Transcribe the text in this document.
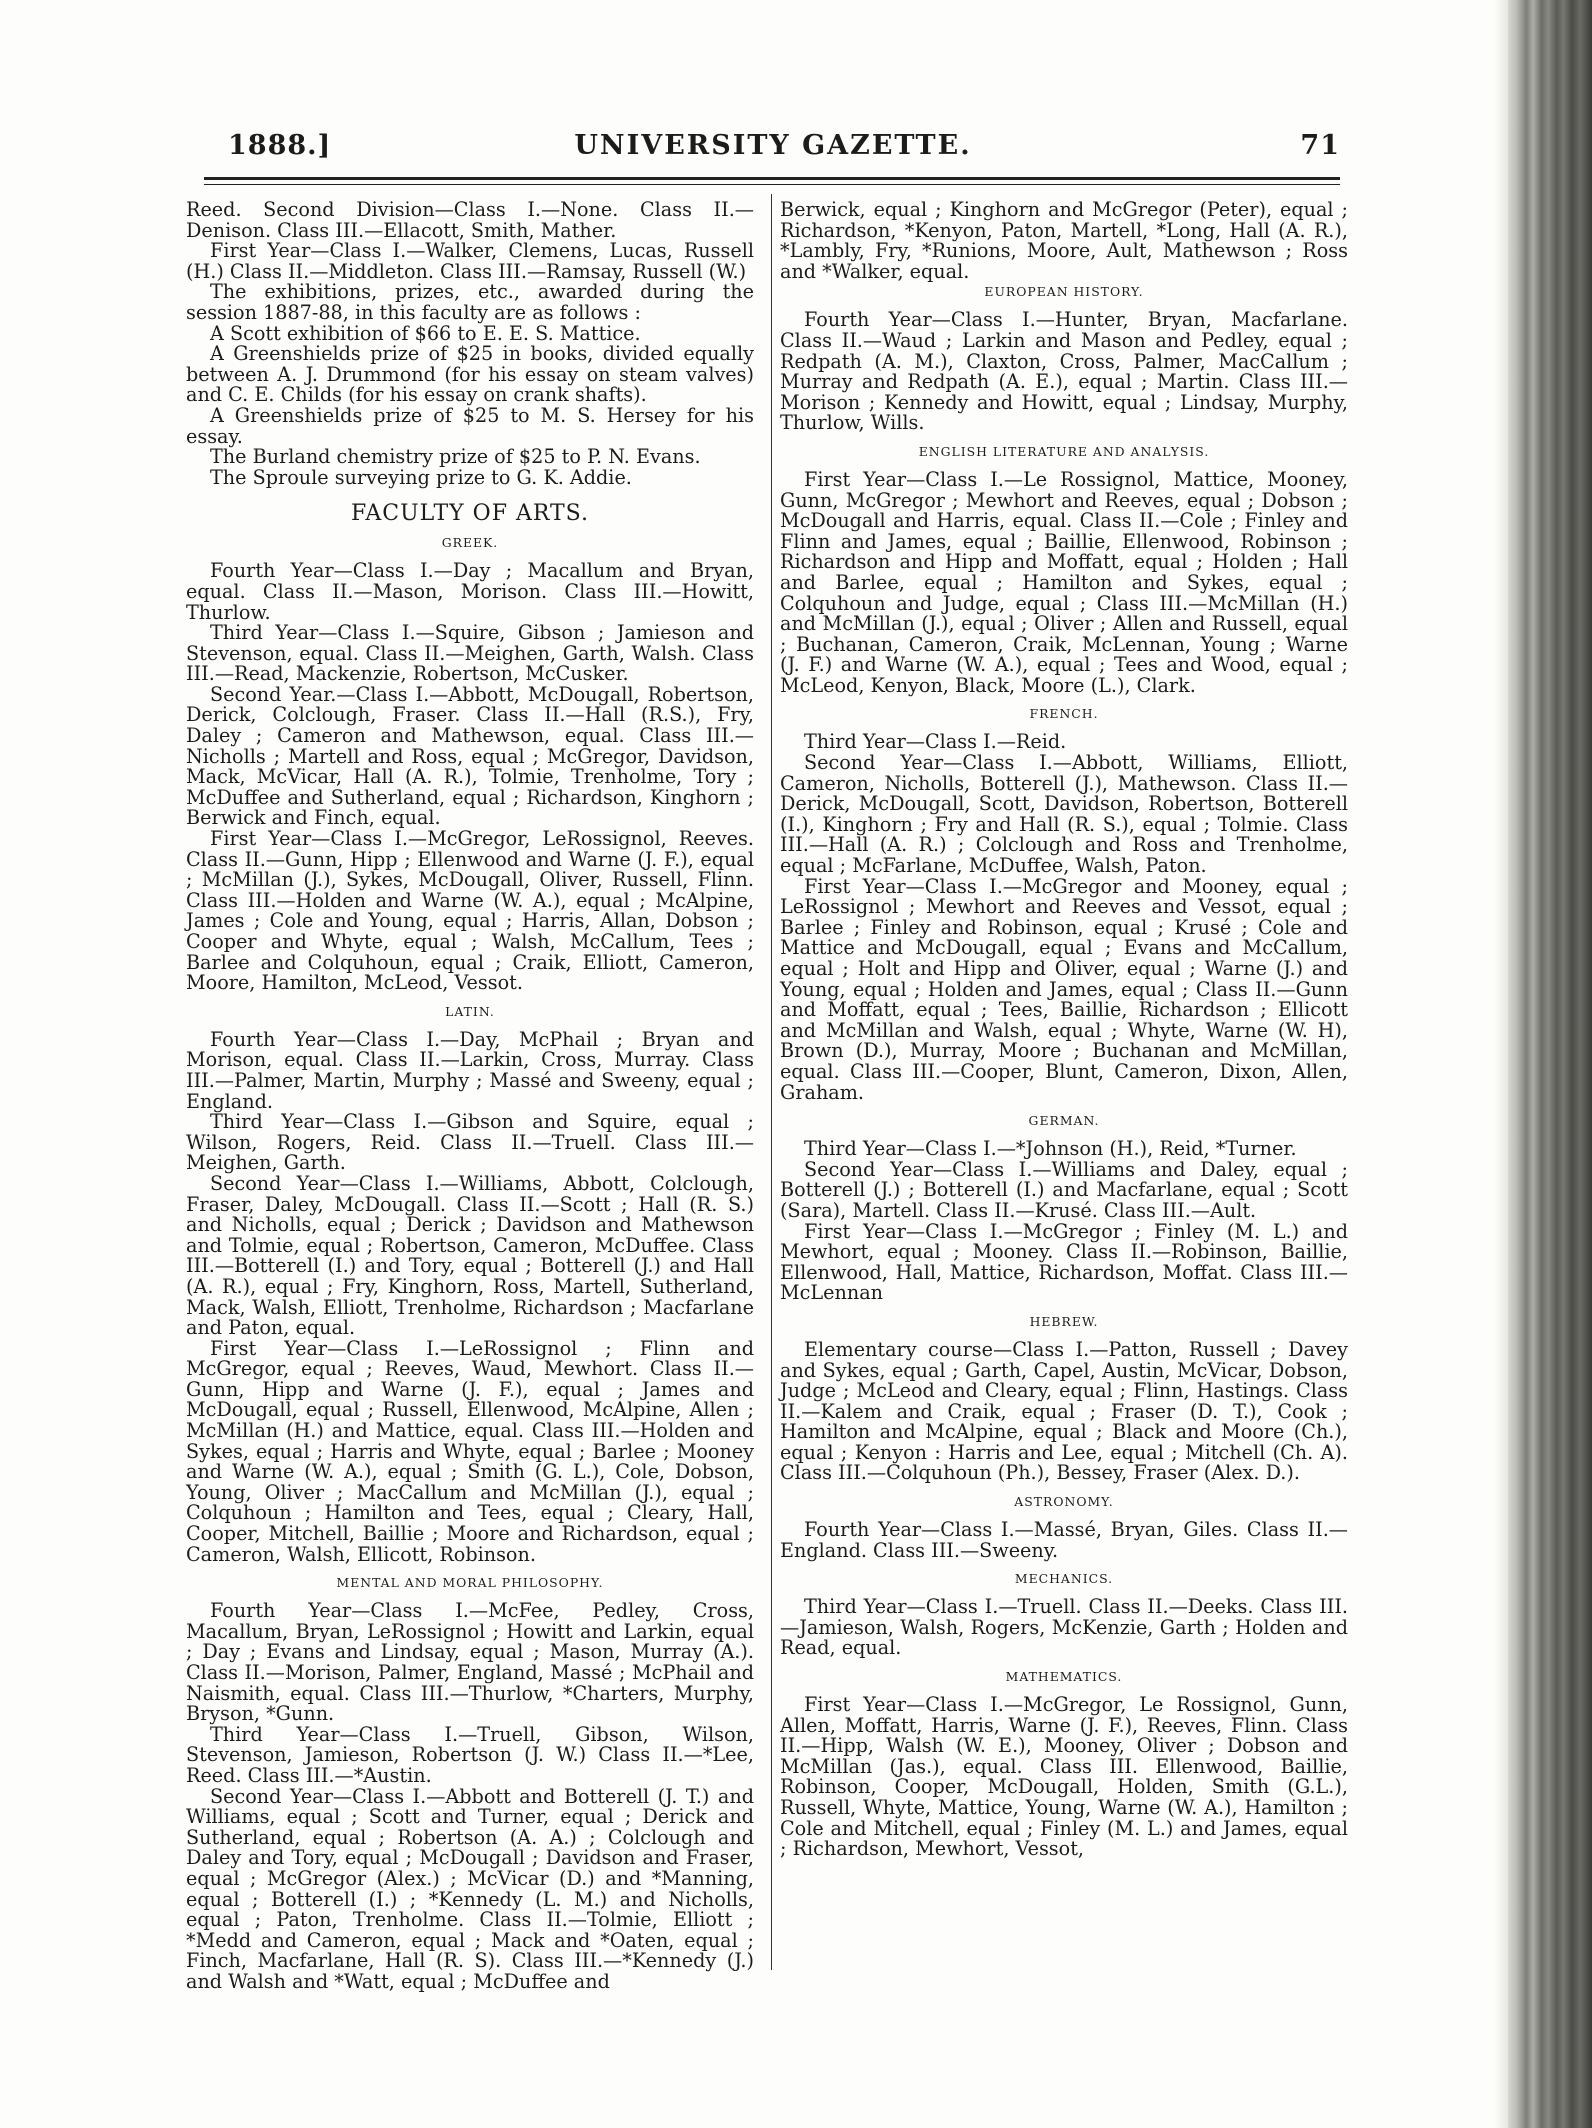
1888.]	UNIVERSITY GAZETTE.	71

Reed. Second Division—Class I.—None. Class II.—Denison. Class III.—Ellacott, Smith, Mather.

First Year—Class I.—Walker, Clemens, Lucas, Russell (H.) Class II.—Middleton. Class III.—Ramsay, Russell (W.)

The exhibitions, prizes, etc., awarded during the session 1887-88, in this faculty are as follows :

A Scott exhibition of $66 to E. E. S. Mattice.

A Greenshields prize of $25 in books, divided equally between A. J. Drummond (for his essay on steam valves) and C. E. Childs (for his essay on crank shafts).

A Greenshields prize of $25 to M. S. Hersey for his essay.

The Burland chemistry prize of $25 to P. N. Evans.

The Sproule surveying prize to G. K. Addie.

FACULTY OF ARTS.
GREEK.

Fourth Year—Class I.—Day ; Macallum and Bryan, equal. Class II.—Mason, Morison. Class III.—Howitt, Thurlow.

Third Year—Class I.—Squire, Gibson ; Jamieson and Stevenson, equal. Class II.—Meighen, Garth, Walsh. Class III.—Read, Mackenzie, Robertson, McCusker.

Second Year.—Class I.—Abbott, McDougall, Robertson, Derick, Colclough, Fraser. Class II.—Hall (R.S.), Fry, Daley ; Cameron and Mathewson, equal. Class III.—Nicholls ; Martell and Ross, equal ; McGregor, Davidson, Mack, McVicar, Hall (A. R.), Tolmie, Trenholme, Tory ; McDuffee and Sutherland, equal ; Richardson, Kinghorn ; Berwick and Finch, equal.

First Year—Class I.—McGregor, LeRossignol, Reeves. Class II.—Gunn, Hipp ; Ellenwood and Warne (J. F.), equal ; McMillan (J.), Sykes, McDougall, Oliver, Russell, Flinn. Class III.—Holden and Warne (W. A.), equal ; McAlpine, James ; Cole and Young, equal ; Harris, Allan, Dobson ; Cooper and Whyte, equal ; Walsh, McCallum, Tees ; Barlee and Colquhoun, equal ; Craik, Elliott, Cameron, Moore, Hamilton, McLeod, Vessot.

LATIN.

Fourth Year—Class I.—Day, McPhail ; Bryan and Morison, equal. Class II.—Larkin, Cross, Murray. Class III.—Palmer, Martin, Murphy ; Massé and Sweeny, equal ; England.

Third Year—Class I.—Gibson and Squire, equal ; Wilson, Rogers, Reid. Class II.—Truell. Class III.—Meighen, Garth.

Second Year—Class I.—Williams, Abbott, Colclough, Fraser, Daley, McDougall. Class II.—Scott ; Hall (R. S.) and Nicholls, equal ; Derick ; Davidson and Mathewson and Tolmie, equal ; Robertson, Cameron, McDuffee. Class III.—Botterell (I.) and Tory, equal ; Botterell (J.) and Hall (A. R.), equal ; Fry, Kinghorn, Ross, Martell, Sutherland, Mack, Walsh, Elliott, Trenholme, Richardson ; Macfarlane and Paton, equal.

First Year—Class I.—LeRossignol ; Flinn and McGregor, equal ; Reeves, Waud, Mewhort. Class II.—Gunn, Hipp and Warne (J. F.), equal ; James and McDougall, equal ; Russell, Ellenwood, McAlpine, Allen ; McMillan (H.) and Mattice, equal. Class III.—Holden and Sykes, equal ; Harris and Whyte, equal ; Barlee ; Mooney and Warne (W. A.), equal ; Smith (G. L.), Cole, Dobson, Young, Oliver ; MacCallum and McMillan (J.), equal ; Colquhoun ; Hamilton and Tees, equal ; Cleary, Hall, Cooper, Mitchell, Baillie ; Moore and Richardson, equal ; Cameron, Walsh, Ellicott, Robinson.

MENTAL AND MORAL PHILOSOPHY.

Fourth Year—Class I.—McFee, Pedley, Cross, Macallum, Bryan, LeRossignol ; Howitt and Larkin, equal ; Day ; Evans and Lindsay, equal ; Mason, Murray (A.). Class II.—Morison, Palmer, England, Massé ; McPhail and Naismith, equal. Class III.—Thurlow, *Charters, Murphy, Bryson, *Gunn.

Third Year—Class I.—Truell, Gibson, Wilson, Stevenson, Jamieson, Robertson (J. W.) Class II.—*Lee, Reed. Class III.—*Austin.

Second Year—Class I.—Abbott and Botterell (J. T.) and Williams, equal ; Scott and Turner, equal ; Derick and Sutherland, equal ; Robertson (A. A.) ; Colclough and Daley and Tory, equal ; McDougall ; Davidson and Fraser, equal ; McGregor (Alex.) ; McVicar (D.) and *Manning, equal ; Botterell (I.) ; *Kennedy (L. M.) and Nicholls, equal ; Paton, Trenholme. Class II.—Tolmie, Elliott ; *Medd and Cameron, equal ; Mack and *Oaten, equal ; Finch, Macfarlane, Hall (R. S). Class III.—*Kennedy (J.) and Walsh and *Watt, equal ; McDuffee and

Berwick, equal ; Kinghorn and McGregor (Peter), equal ; Richardson, *Kenyon, Paton, Martell, *Long, Hall (A. R.), *Lambly, Fry, *Runions, Moore, Ault, Mathewson ; Ross and *Walker, equal.

EUROPEAN HISTORY.

Fourth Year—Class I.—Hunter, Bryan, Macfarlane. Class II.—Waud ; Larkin and Mason and Pedley, equal ; Redpath (A. M.), Claxton, Cross, Palmer, MacCallum ; Murray and Redpath (A. E.), equal ; Martin. Class III.—Morison ; Kennedy and Howitt, equal ; Lindsay, Murphy, Thurlow, Wills.

ENGLISH LITERATURE AND ANALYSIS.

First Year—Class I.—Le Rossignol, Mattice, Mooney, Gunn, McGregor ; Mewhort and Reeves, equal ; Dobson ; McDougall and Harris, equal. Class II.—Cole ; Finley and Flinn and James, equal ; Baillie, Ellenwood, Robinson ; Richardson and Hipp and Moffatt, equal ; Holden ; Hall and Barlee, equal ; Hamilton and Sykes, equal ; Colquhoun and Judge, equal ; Class III.—McMillan (H.) and McMillan (J.), equal ; Oliver ; Allen and Russell, equal ; Buchanan, Cameron, Craik, McLennan, Young ; Warne (J. F.) and Warne (W. A.), equal ; Tees and Wood, equal ; McLeod, Kenyon, Black, Moore (L.), Clark.

FRENCH.

Third Year—Class I.—Reid.

Second Year—Class I.—Abbott, Williams, Elliott, Cameron, Nicholls, Botterell (J.), Mathewson. Class II.—Derick, McDougall, Scott, Davidson, Robertson, Botterell (I.), Kinghorn ; Fry and Hall (R. S.), equal ; Tolmie. Class III.—Hall (A. R.) ; Colclough and Ross and Trenholme, equal ; McFarlane, McDuffee, Walsh, Paton.

First Year—Class I.—McGregor and Mooney, equal ; LeRossignol ; Mewhort and Reeves and Vessot, equal ; Barlee ; Finley and Robinson, equal ; Krusé ; Cole and Mattice and McDougall, equal ; Evans and McCallum, equal ; Holt and Hipp and Oliver, equal ; Warne (J.) and Young, equal ; Holden and James, equal ; Class II.—Gunn and Moffatt, equal ; Tees, Baillie, Richardson ; Ellicott and McMillan and Walsh, equal ; Whyte, Warne (W. H), Brown (D.), Murray, Moore ; Buchanan and McMillan, equal. Class III.—Cooper, Blunt, Cameron, Dixon, Allen, Graham.

GERMAN.

Third Year—Class I.—*Johnson (H.), Reid, *Turner.

Second Year—Class I.—Williams and Daley, equal ; Botterell (J.) ; Botterell (I.) and Macfarlane, equal ; Scott (Sara), Martell. Class II.—Krusé. Class III.—Ault.

First Year—Class I.—McGregor ; Finley (M. L.) and Mewhort, equal ; Mooney. Class II.—Robinson, Baillie, Ellenwood, Hall, Mattice, Richardson, Moffat. Class III.—McLennan

HEBREW.

Elementary course—Class I.—Patton, Russell ; Davey and Sykes, equal ; Garth, Capel, Austin, McVicar, Dobson, Judge ; McLeod and Cleary, equal ; Flinn, Hastings. Class II.—Kalem and Craik, equal ; Fraser (D. T.), Cook ; Hamilton and McAlpine, equal ; Black and Moore (Ch.), equal ; Kenyon : Harris and Lee, equal ; Mitchell (Ch. A). Class III.—Colquhoun (Ph.), Bessey, Fraser (Alex. D.).

ASTRONOMY.

Fourth Year—Class I.—Massé, Bryan, Giles. Class II.—England. Class III.—Sweeny.

MECHANICS.

Third Year—Class I.—Truell. Class II.—Deeks. Class III.—Jamieson, Walsh, Rogers, McKenzie, Garth ; Holden and Read, equal.

MATHEMATICS.

First Year—Class I.—McGregor, Le Rossignol, Gunn, Allen, Moffatt, Harris, Warne (J. F.), Reeves, Flinn. Class II.—Hipp, Walsh (W. E.), Mooney, Oliver ; Dobson and McMillan (Jas.), equal. Class III. Ellenwood, Baillie, Robinson, Cooper, McDougall, Holden, Smith (G.L.), Russell, Whyte, Mattice, Young, Warne (W. A.), Hamilton ; Cole and Mitchell, equal ; Finley (M. L.) and James, equal ; Richardson, Mewhort, Vessot,
